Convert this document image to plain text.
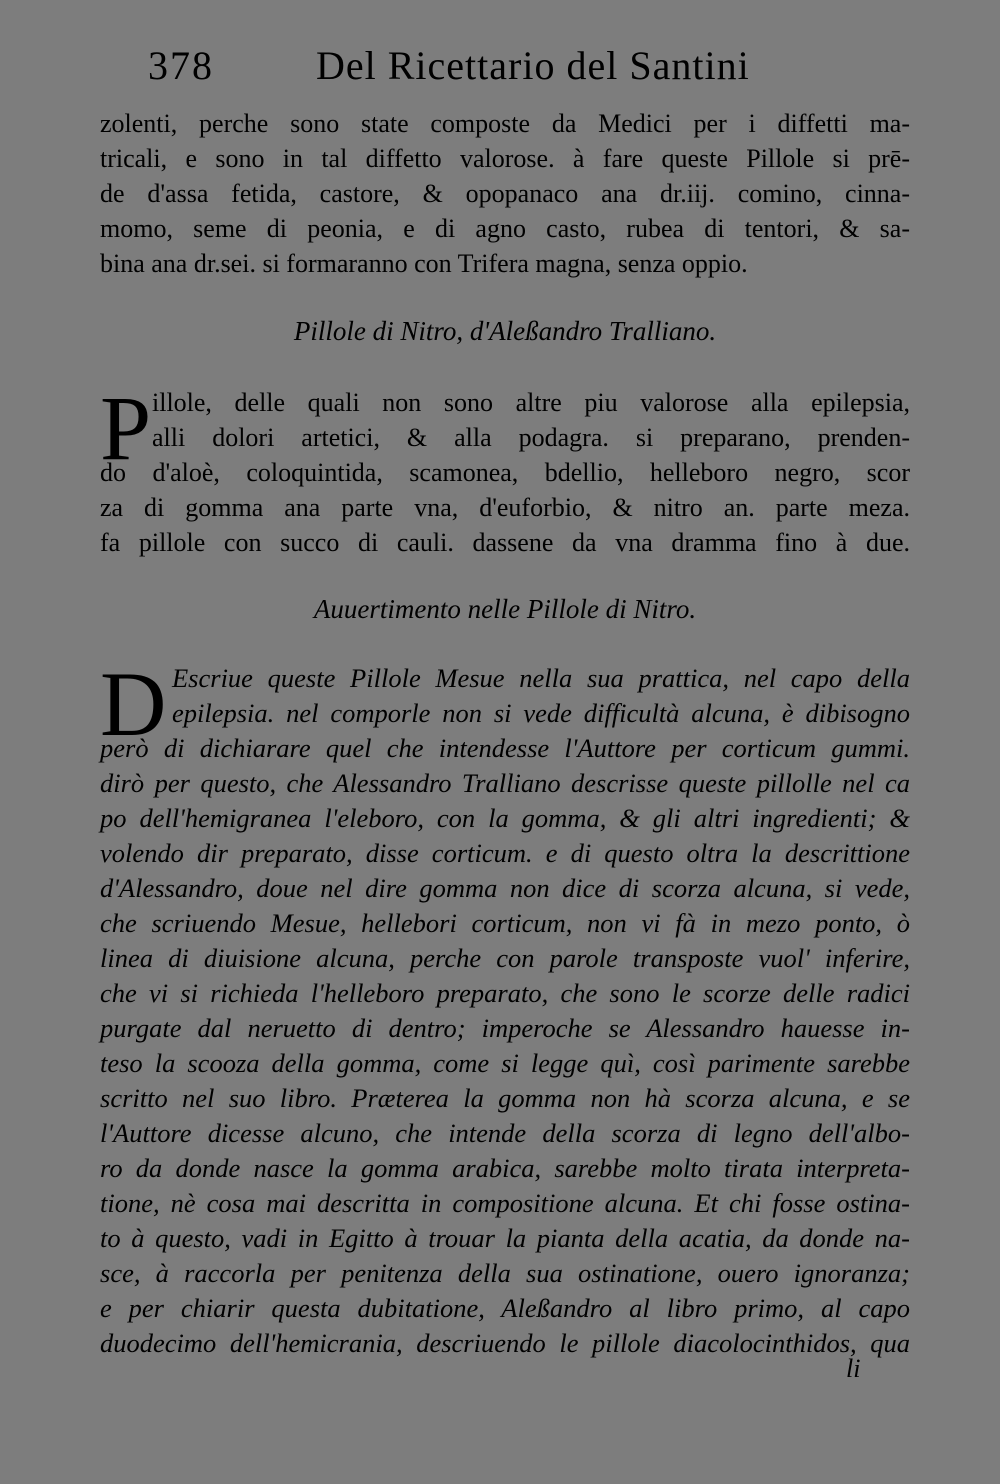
378	Del Ricettario del Santini
zolenti, perche sono state composte da Medici per i diffetti ma-
tricali, e sono in tal diffetto valorose. à fare queste Pillole si prē-
de d'assa fetida, castore, & opopanaco ana dr.iij. comino, cinna-
momo, seme di peonia, e di agno casto, rubea di tentori, & sa-
bina ana dr.sei. si formaranno con Trifera magna, senza oppio.
Pillole di Nitro, d'Aleßandro Tralliano.
P illole, delle quali non sono altre piu valorose alla epilepsia,
alli dolori artetici, & alla podagra. si preparano, prenden-
do d'aloè, coloquintida, scamonea, bdellio, helleboro negro, scor
za di gomma ana parte vna, d'euforbio, & nitro an. parte meza.
fa pillole con succo di cauli. dassene da vna dramma fino à due.
Auuertimento nelle Pillole di Nitro.
D Escriue queste Pillole Mesue nella sua prattica, nel capo della
epilepsia. nel comporle non si vede difficultà alcuna, è dibisogno
però di dichiarare quel che intendesse l'Auttore per corticum gummi.
dirò per questo, che Alessandro Tralliano descrisse queste pillolle nel ca
po dell'hemigranea l'eleboro, con la gomma, & gli altri ingredienti; &
volendo dir preparato, disse corticum. e di questo oltra la descrittione
d'Alessandro, doue nel dire gomma non dice di scorza alcuna, si vede,
che scriuendo Mesue, hellebori corticum, non vi fà in mezo ponto, ò
linea di diuisione alcuna, perche con parole transposte vuol' inferire,
che vi si richieda l'helleboro preparato, che sono le scorze delle radici
purgate dal neruetto di dentro; imperoche se Alessandro hauesse in-
teso la scooza della gomma, come si legge quì, così parimente sarebbe
scritto nel suo libro. Præterea la gomma non hà scorza alcuna, e se
l'Auttore dicesse alcuno, che intende della scorza di legno dell'albo-
ro da donde nasce la gomma arabica, sarebbe molto tirata interpreta-
tione, nè cosa mai descritta in compositione alcuna. Et chi fosse ostina-
to à questo, vadi in Egitto à trouar la pianta della acatia, da donde na-
sce, à raccorla per penitenza della sua ostinatione, ouero ignoranza;
e per chiarir questa dubitatione, Aleßandro al libro primo, al capo
duodecimo dell'hemicrania, descriuendo le pillole diacolocinthidos, qua
li
